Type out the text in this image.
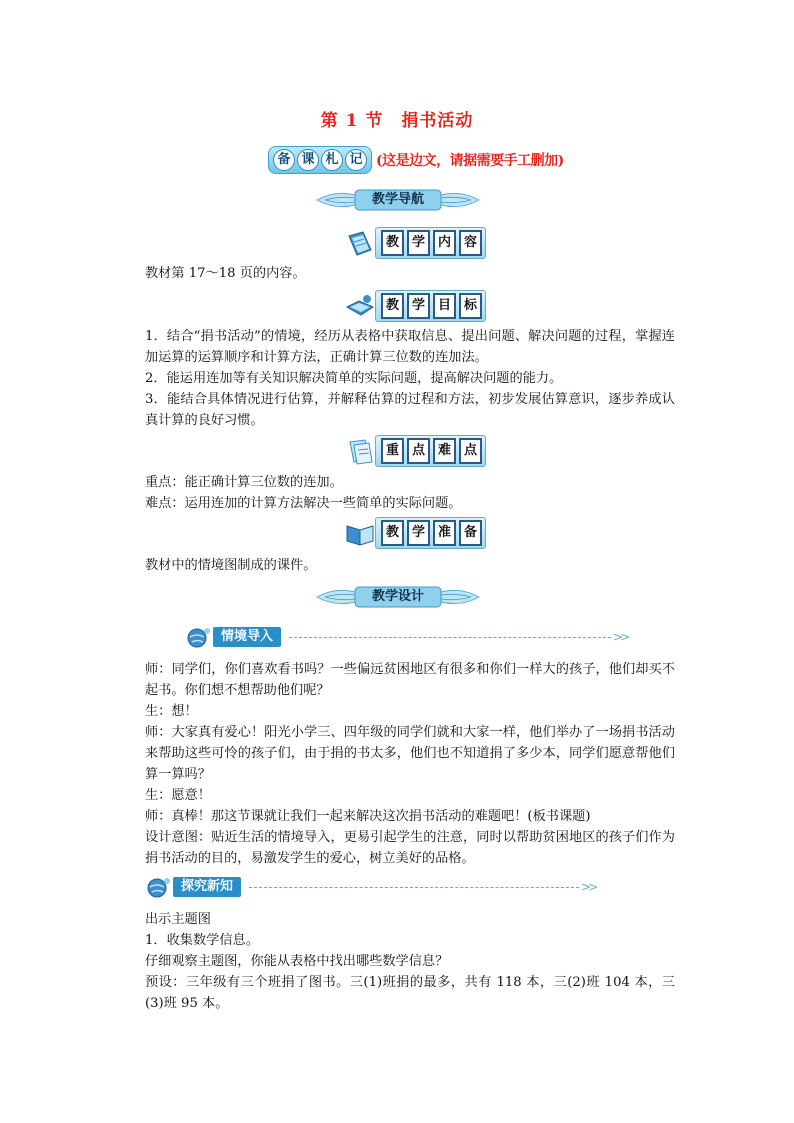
第 1 节　捐书活动
备 课 札 记 (这是边文，请据需要手工删加)
教学导航
教 学 内 容
教材第 17～18 页的内容。
教 学 目 标
1．结合“捐书活动”的情境，经历从表格中获取信息、提出问题、解决问题的过程，掌握连加运算的运算顺序和计算方法，正确计算三位数的连加法。
2．能运用连加等有关知识解决简单的实际问题，提高解决问题的能力。
3．能结合具体情况进行估算，并解释估算的过程和方法，初步发展估算意识，逐步养成认真计算的良好习惯。
重 点 难 点
重点：能正确计算三位数的连加。
难点：运用连加的计算方法解决一些简单的实际问题。
教 学 准 备
教材中的情境图制成的课件。
教学设计
情境导入	>>
师：同学们，你们喜欢看书吗？一些偏远贫困地区有很多和你们一样大的孩子，他们却买不起书。你们想不想帮助他们呢？
生：想！
师：大家真有爱心！阳光小学三、四年级的同学们就和大家一样，他们举办了一场捐书活动来帮助这些可怜的孩子们，由于捐的书太多，他们也不知道捐了多少本，同学们愿意帮他们算一算吗？
生：愿意！
师：真棒！那这节课就让我们一起来解决这次捐书活动的难题吧！(板书课题)
设计意图：贴近生活的情境导入，更易引起学生的注意，同时以帮助贫困地区的孩子们作为捐书活动的目的，易激发学生的爱心，树立美好的品格。
探究新知	>>
出示主题图
1．收集数学信息。
仔细观察主题图，你能从表格中找出哪些数学信息？
预设：三年级有三个班捐了图书。三(1)班捐的最多，共有 118 本，三(2)班 104 本，三(3)班 95 本。
